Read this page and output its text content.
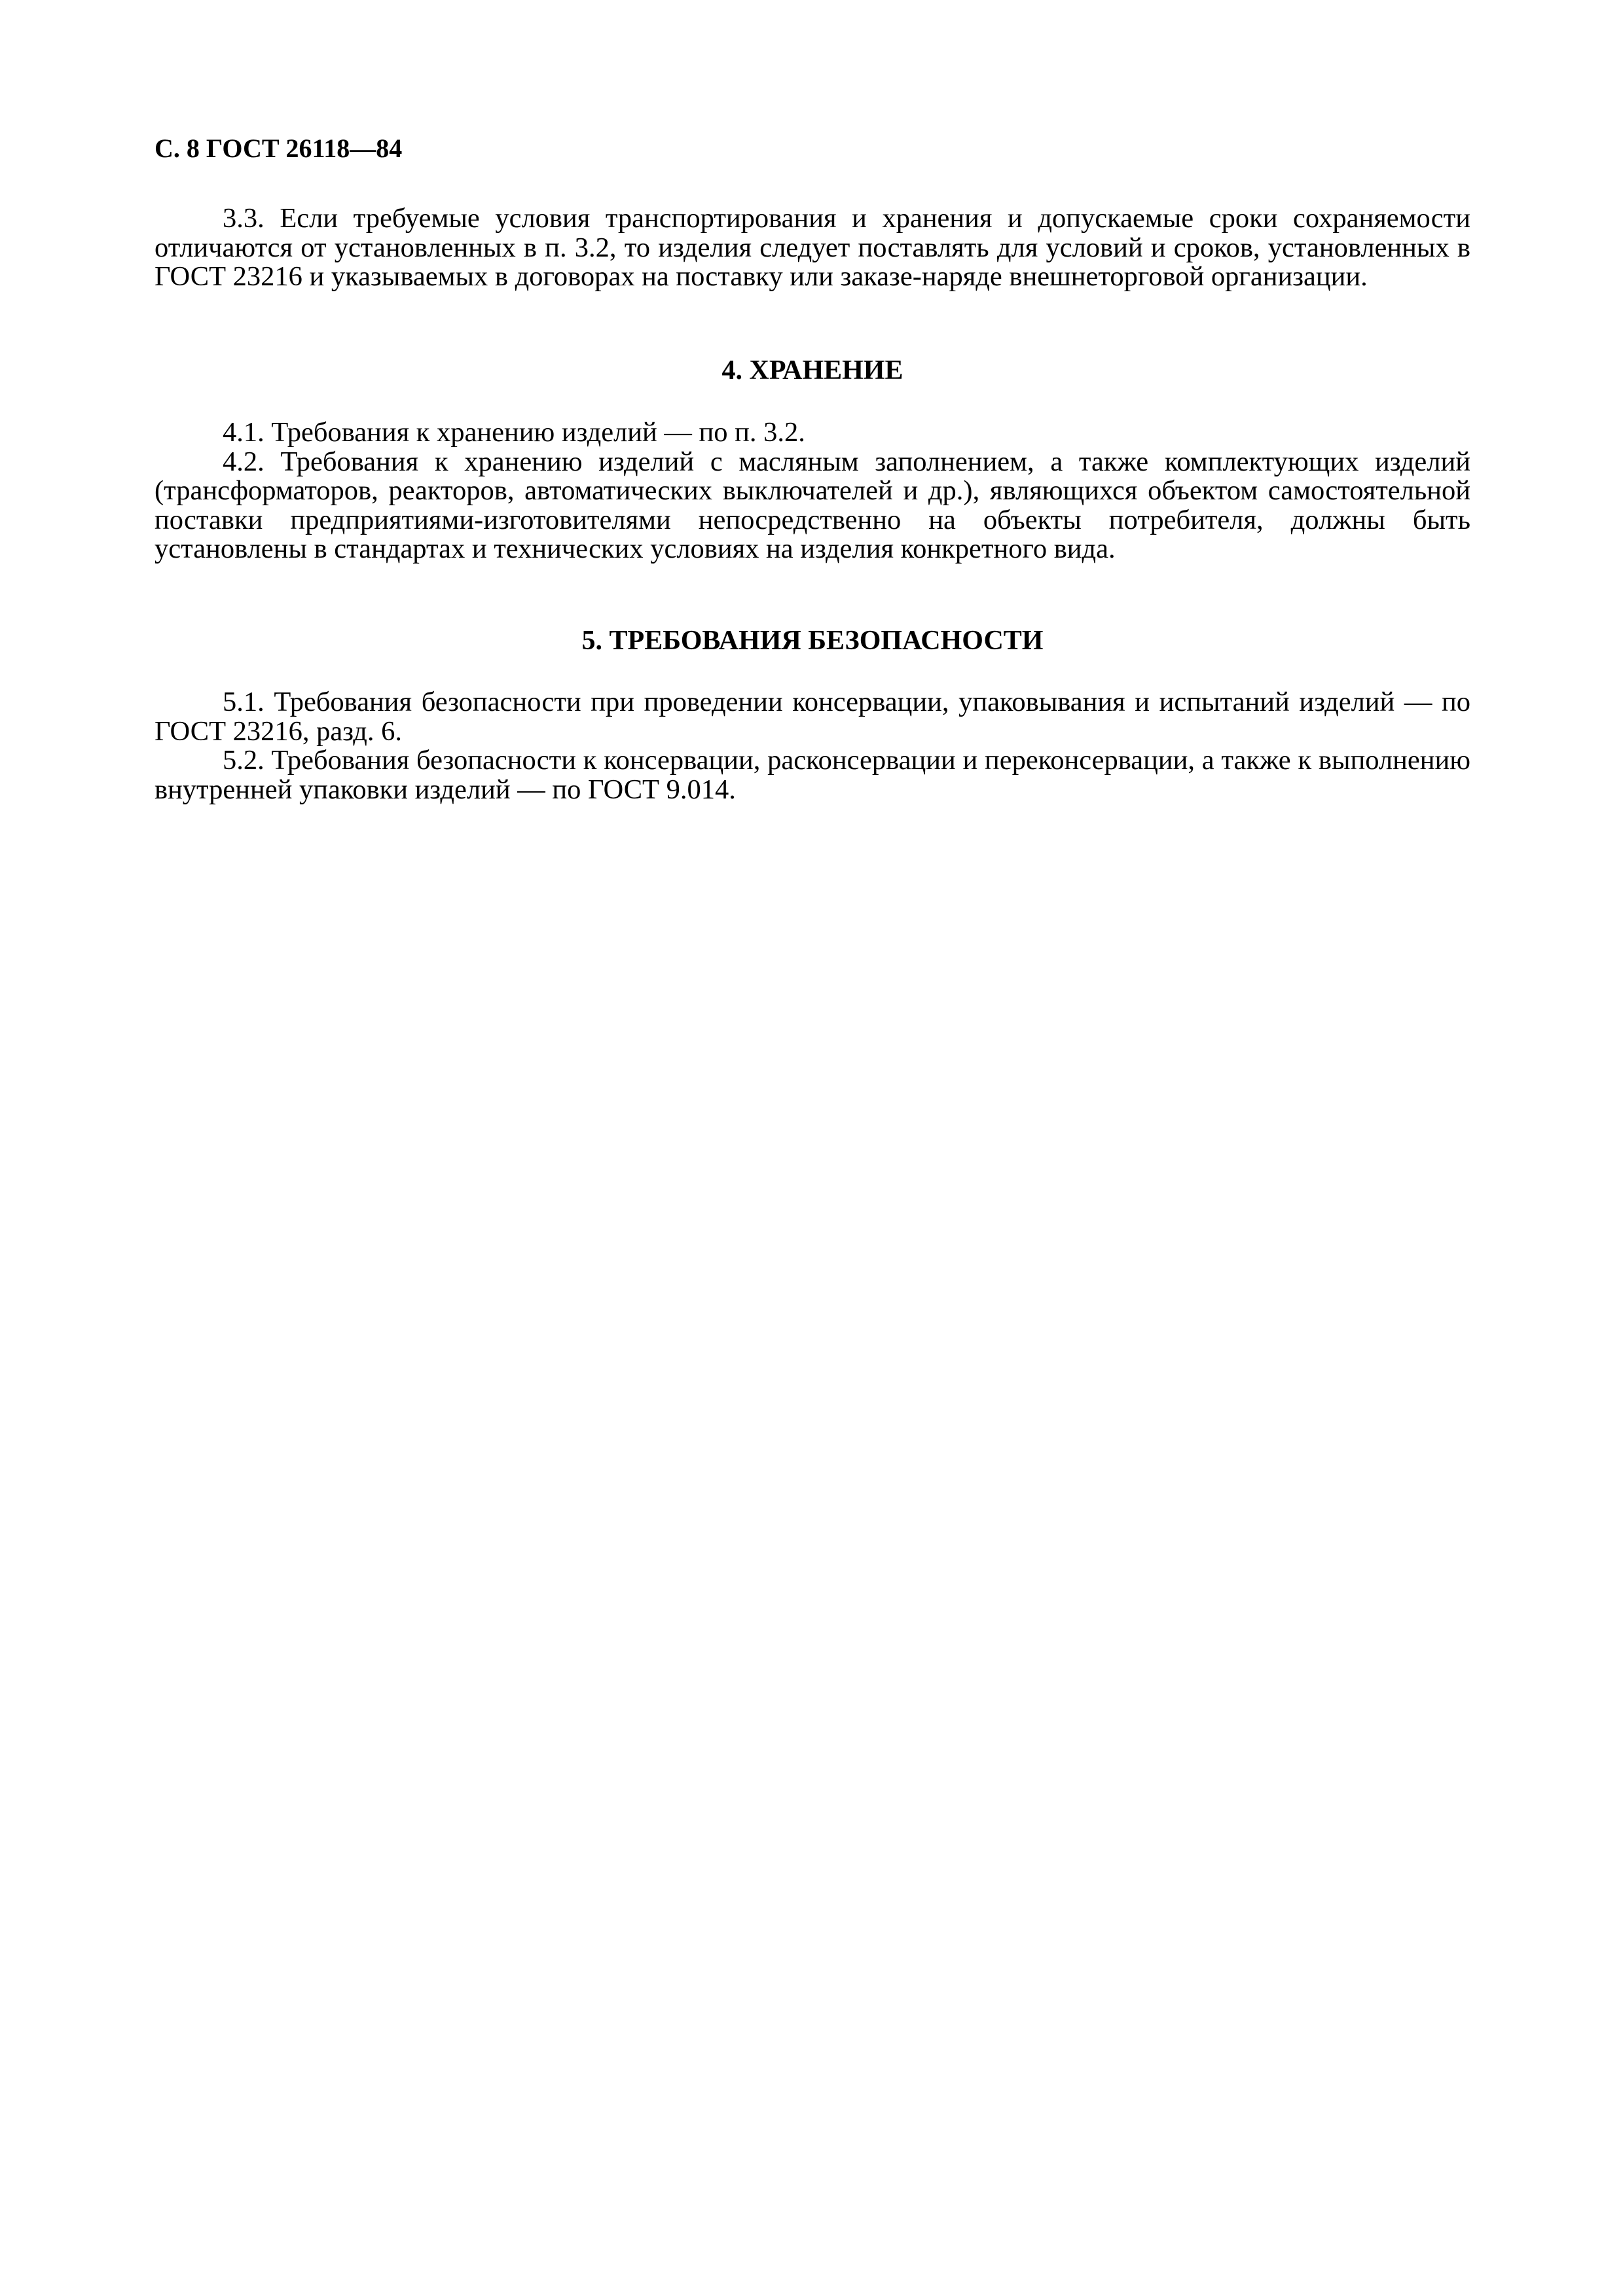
С. 8 ГОСТ 26118—84

3.3. Если требуемые условия транспортирования и хранения и допускаемые сроки сохраняемости отличаются от установленных в п. 3.2, то изделия следует поставлять для условий и сроков, установленных в ГОСТ 23216 и указываемых в договорах на поставку или заказе-наряде внешнеторговой организации.

4. ХРАНЕНИЕ

4.1. Требования к хранению изделий — по п. 3.2.

4.2. Требования к хранению изделий с масляным заполнением, а также комплектующих изделий (трансформаторов, реакторов, автоматических выключателей и др.), являющихся объектом самостоятельной поставки предприятиями-изготовителями непосредственно на объекты потребителя, должны быть установлены в стандартах и технических условиях на изделия конкретного вида.

5. ТРЕБОВАНИЯ БЕЗОПАСНОСТИ

5.1. Требования безопасности при проведении консервации, упаковывания и испытаний изделий — по ГОСТ 23216, разд. 6.

5.2. Требования безопасности к консервации, расконсервации и переконсервации, а также к выполнению внутренней упаковки изделий — по ГОСТ 9.014.
